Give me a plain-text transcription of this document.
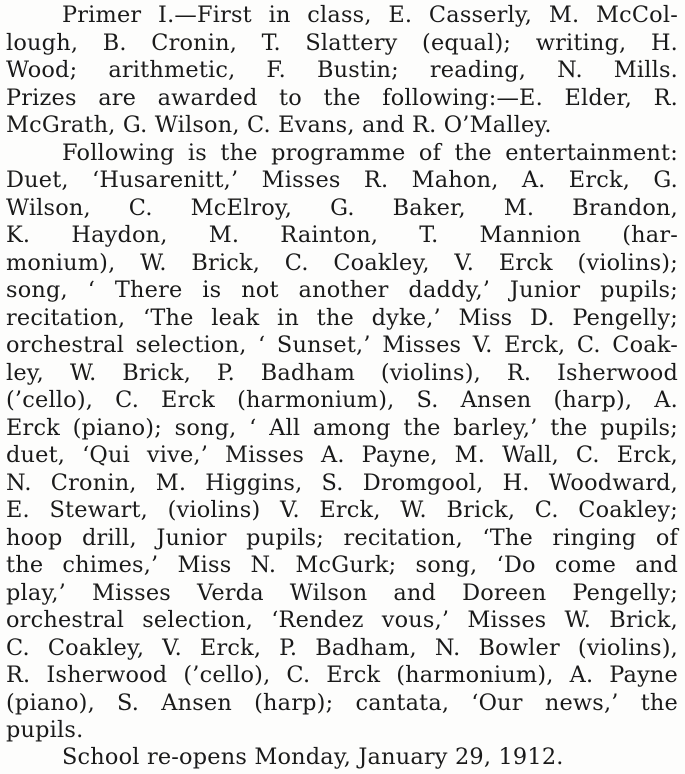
Primer I.—First in class, E. Casserly, M. McCol-
lough, B. Cronin, T. Slattery (equal); writing, H.
Wood; arithmetic, F. Bustin; reading, N. Mills.
Prizes are awarded to the following:—E. Elder, R.
McGrath, G. Wilson, C. Evans, and R. O’Malley.
Following is the programme of the entertainment:
Duet, ‘Husarenitt,’ Misses R. Mahon, A. Erck, G.
Wilson, C. McElroy, G. Baker, M. Brandon,
K. Haydon, M. Rainton, T. Mannion (har-
monium), W. Brick, C. Coakley, V. Erck (violins);
song, ‘ There is not another daddy,’ Junior pupils;
recitation, ‘The leak in the dyke,’ Miss D. Pengelly;
orchestral selection, ‘ Sunset,’ Misses V. Erck, C. Coak-
ley, W. Brick, P. Badham (violins), R. Isherwood
(’cello), C. Erck (harmonium), S. Ansen (harp), A.
Erck (piano); song, ‘ All among the barley,’ the pupils;
duet, ‘Qui vive,’ Misses A. Payne, M. Wall, C. Erck,
N. Cronin, M. Higgins, S. Dromgool, H. Woodward,
E. Stewart, (violins) V. Erck, W. Brick, C. Coakley;
hoop drill, Junior pupils; recitation, ‘The ringing of
the chimes,’ Miss N. McGurk; song, ‘Do come and
play,’ Misses Verda Wilson and Doreen Pengelly;
orchestral selection, ‘Rendez vous,’ Misses W. Brick,
C. Coakley, V. Erck, P. Badham, N. Bowler (violins),
R. Isherwood (’cello), C. Erck (harmonium), A. Payne
(piano), S. Ansen (harp); cantata, ‘Our news,’ the
pupils.
School re-opens Monday, January 29, 1912.
